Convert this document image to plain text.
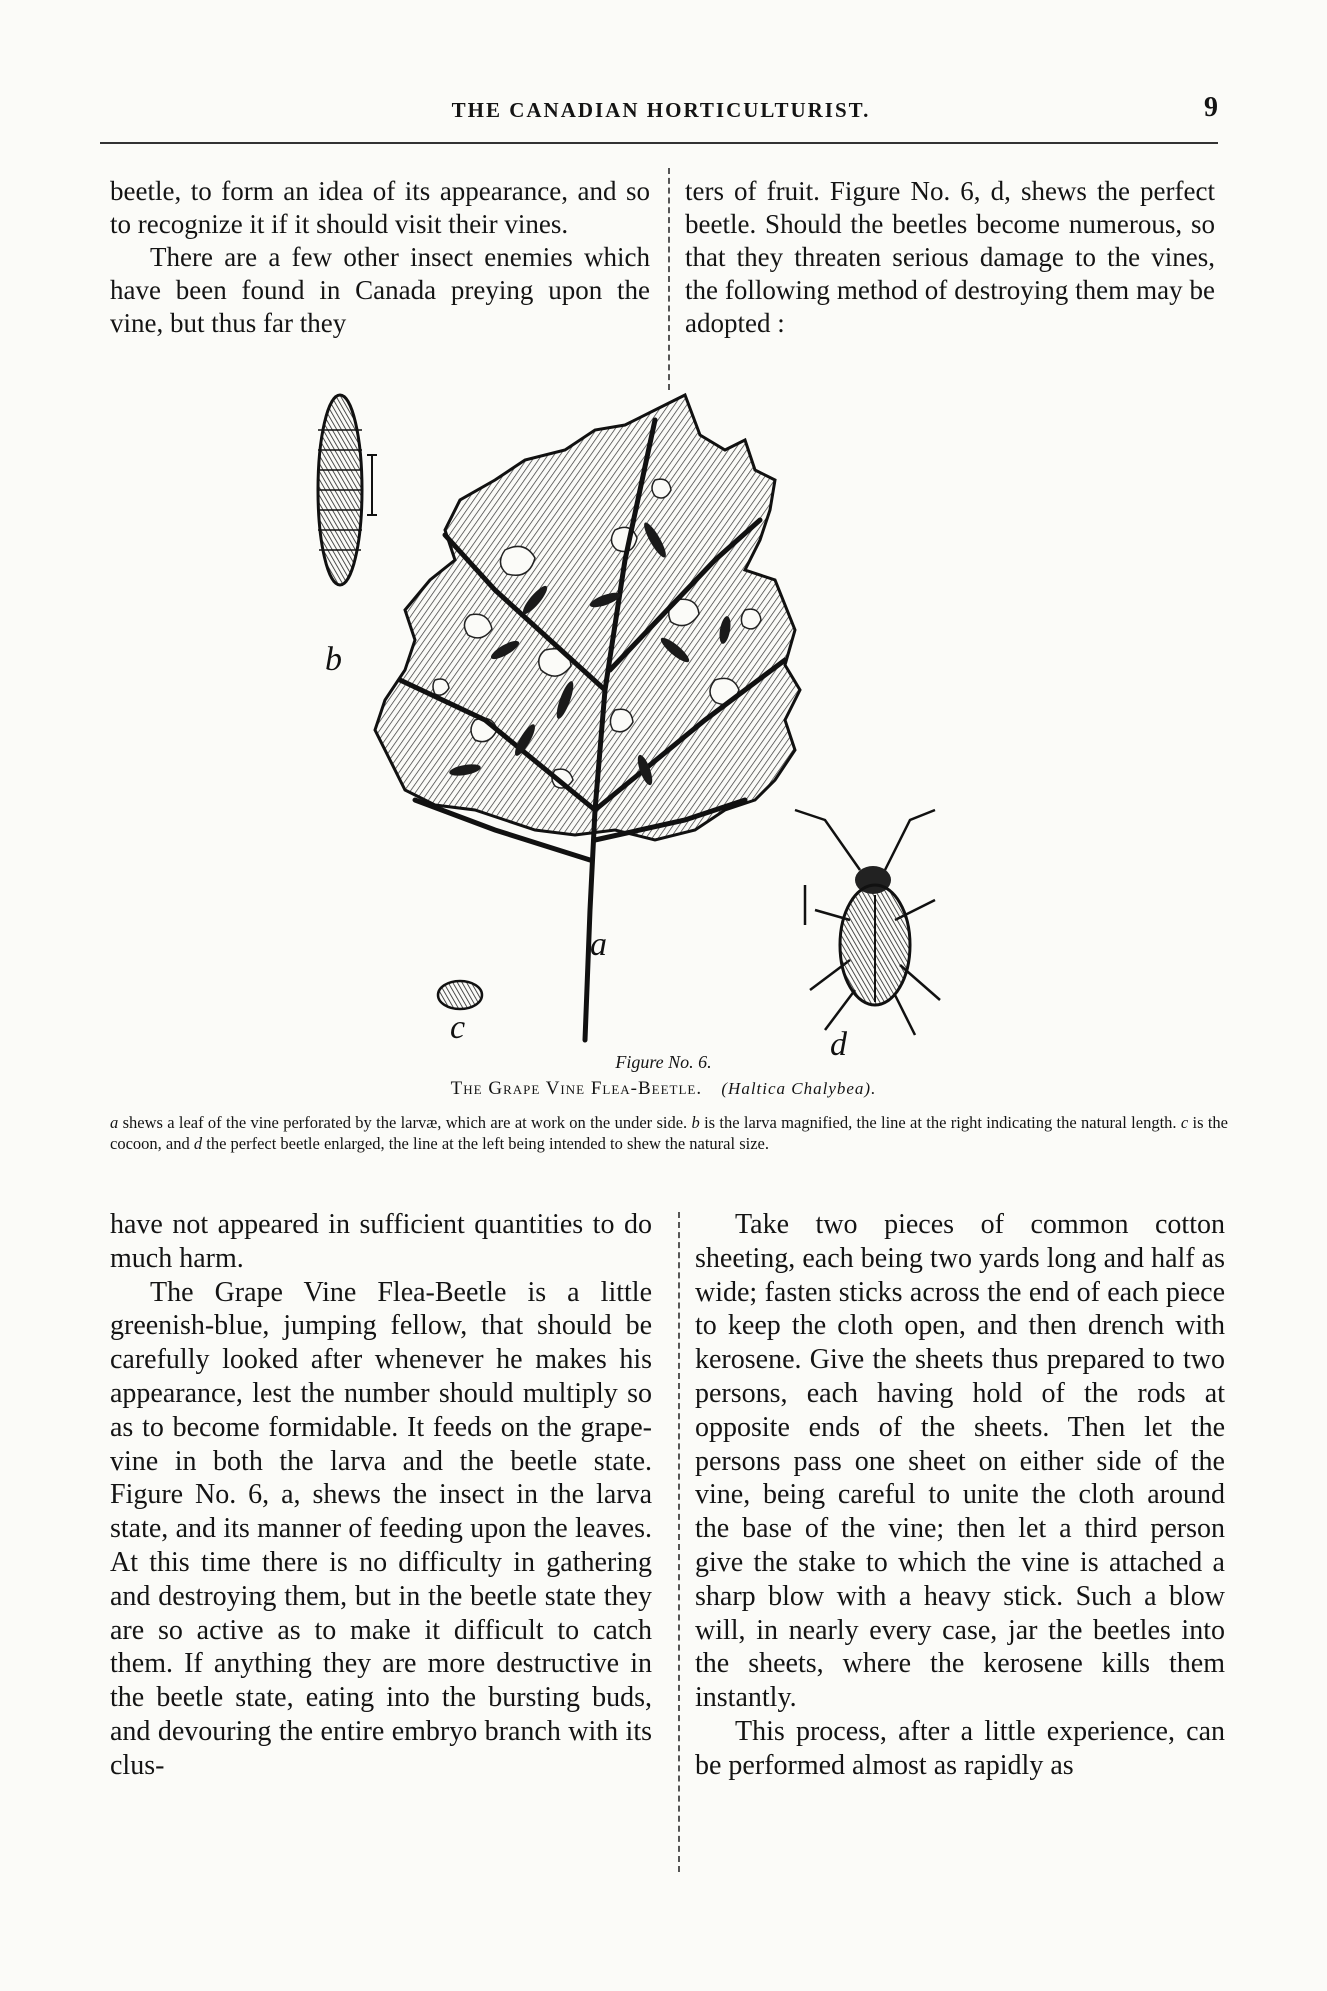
THE CANADIAN HORTICULTURIST.	9

beetle, to form an idea of its appearance, and so to recognize it if it should visit their vines.

There are a few other insect enemies which have been found in Canada preying upon the vine, but thus far they

ters of fruit. Figure No. 6, d, shews the perfect beetle. Should the beetles become numerous, so that they threaten serious damage to the vines, the following method of destroying them may be adopted :

b
c
a
d
Figure No. 6.
The Grape Vine Flea-Beetle. (Haltica Chalybea).
a shews a leaf of the vine perforated by the larvæ, which are at work on the under side. b is the larva magnified, the line at the right indicating the natural length. c is the cocoon, and d the perfect beetle enlarged, the line at the left being intended to shew the natural size.

have not appeared in sufficient quantities to do much harm.

The Grape Vine Flea-Beetle is a little greenish-blue, jumping fellow, that should be carefully looked after whenever he makes his appearance, lest the number should multiply so as to become formidable. It feeds on the grape-vine in both the larva and the beetle state. Figure No. 6, a, shews the insect in the larva state, and its manner of feeding upon the leaves. At this time there is no difficulty in gathering and destroying them, but in the beetle state they are so active as to make it difficult to catch them. If anything they are more destructive in the beetle state, eating into the bursting buds, and devouring the entire embryo branch with its clus-

Take two pieces of common cotton sheeting, each being two yards long and half as wide; fasten sticks across the end of each piece to keep the cloth open, and then drench with kerosene. Give the sheets thus prepared to two persons, each having hold of the rods at opposite ends of the sheets. Then let the persons pass one sheet on either side of the vine, being careful to unite the cloth around the base of the vine; then let a third person give the stake to which the vine is attached a sharp blow with a heavy stick. Such a blow will, in nearly every case, jar the beetles into the sheets, where the kerosene kills them instantly.

This process, after a little experience, can be performed almost as rapidly as
